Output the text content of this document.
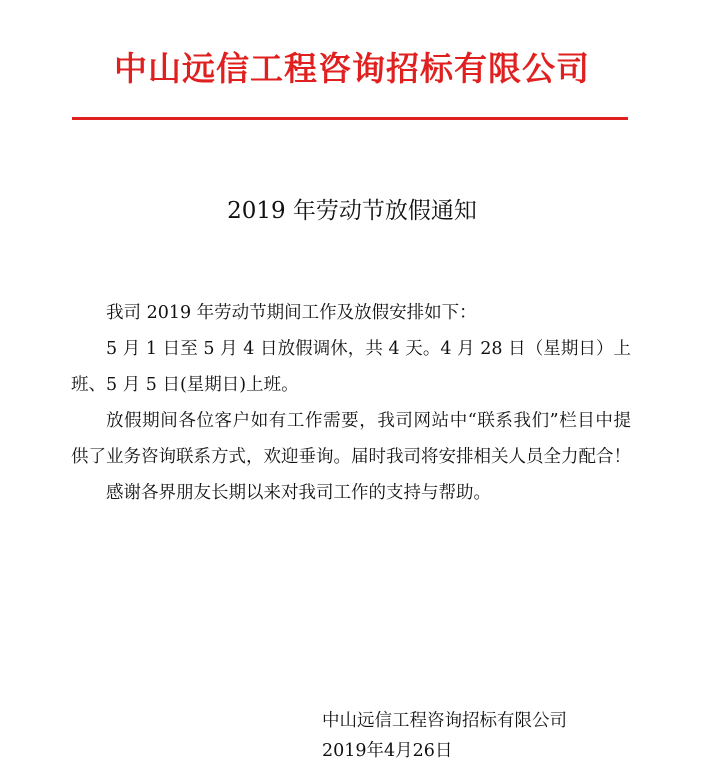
中山远信工程咨询招标有限公司
2019 年劳动节放假通知

我司 2019 年劳动节期间工作及放假安排如下：

5 月 1 日至 5 月 4 日放假调休，共 4 天。4 月 28 日（星期日）上班、5 月 5 日(星期日)上班。

放假期间各位客户如有工作需要，我司网站中“联系我们”栏目中提供了业务咨询联系方式，欢迎垂询。届时我司将安排相关人员全力配合！

感谢各界朋友长期以来对我司工作的支持与帮助。

中山远信工程咨询招标有限公司
2019年4月26日
